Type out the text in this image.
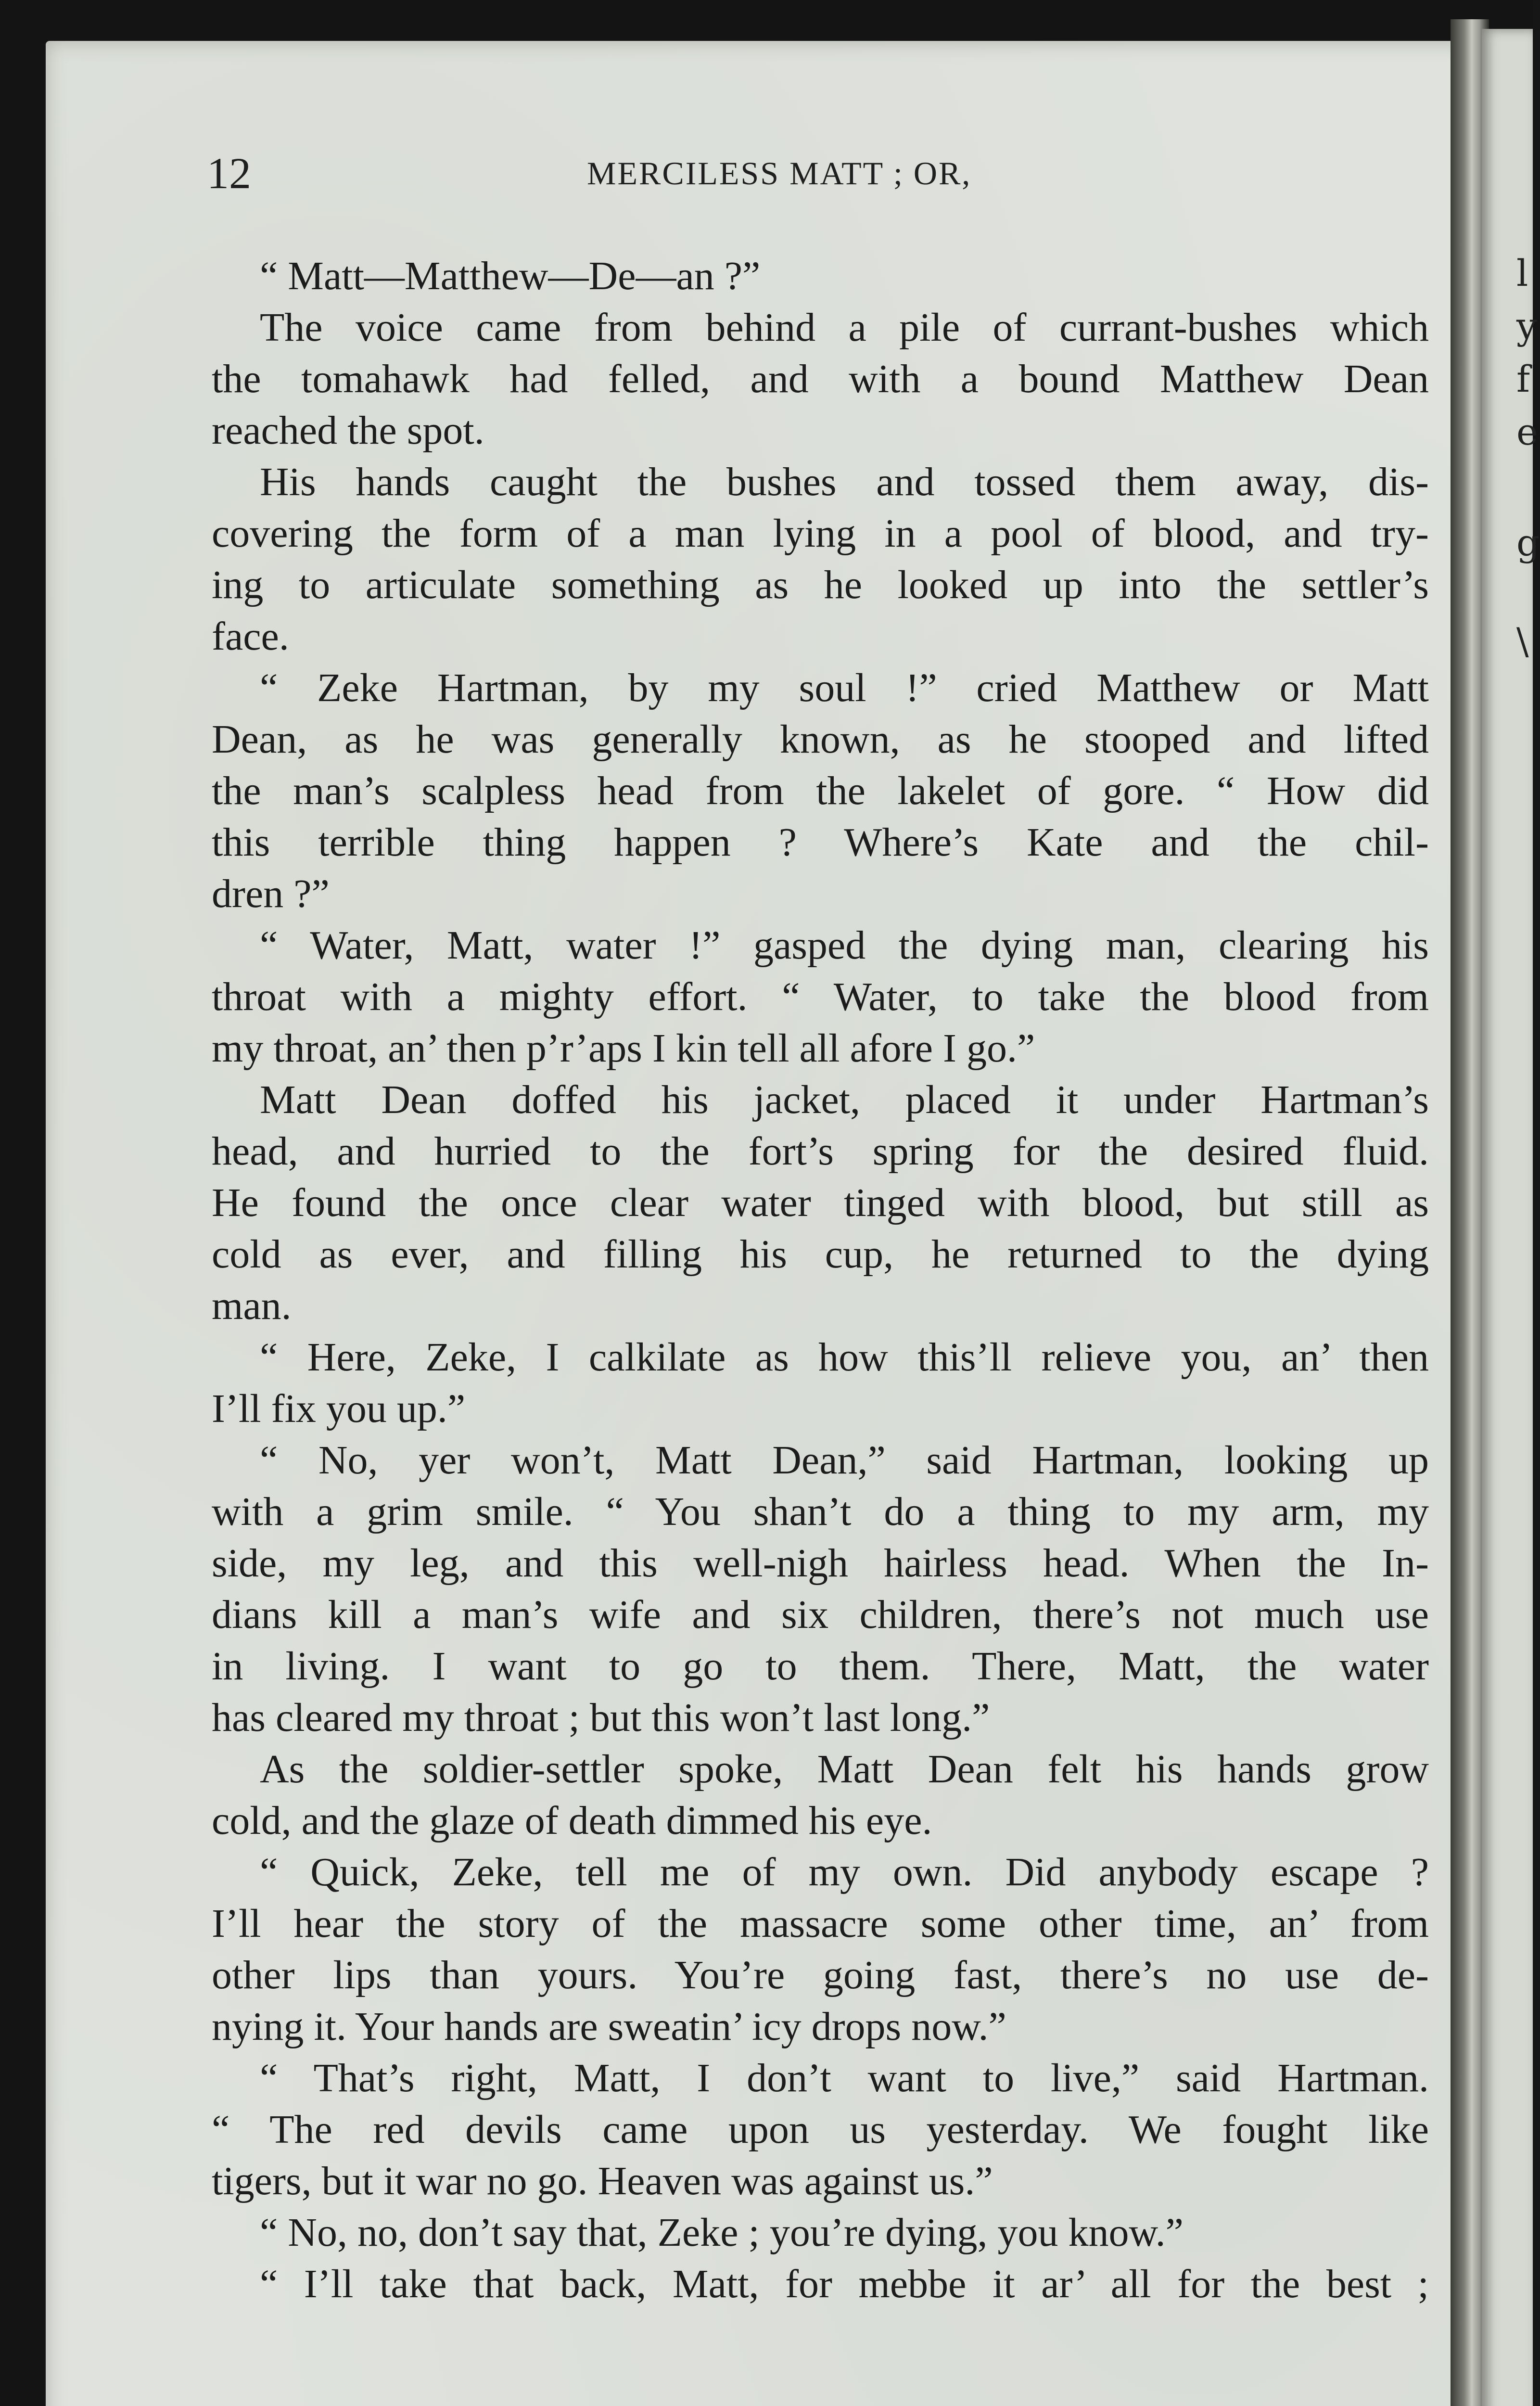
l
y
f
e
g
\
12	MERCILESS MATT ; OR,
“ Matt—Matthew—De—an ?”
The voice came from behind a pile of currant-bushes which
the tomahawk had felled, and with a bound Matthew Dean
reached the spot.
His hands caught the bushes and tossed them away, dis-
covering the form of a man lying in a pool of blood, and try-
ing to articulate something as he looked up into the settler’s
face.
“ Zeke Hartman, by my soul !” cried Matthew or Matt
Dean, as he was generally known, as he stooped and lifted
the man’s scalpless head from the lakelet of gore. “ How did
this terrible thing happen ? Where’s Kate and the chil-
dren ?”
“ Water, Matt, water !” gasped the dying man, clearing his
throat with a mighty effort. “ Water, to take the blood from
my throat, an’ then p’r’aps I kin tell all afore I go.”
Matt Dean doffed his jacket, placed it under Hartman’s
head, and hurried to the fort’s spring for the desired fluid.
He found the once clear water tinged with blood, but still as
cold as ever, and filling his cup, he returned to the dying
man.
“ Here, Zeke, I calkilate as how this’ll relieve you, an’ then
I’ll fix you up.”
“ No, yer won’t, Matt Dean,” said Hartman, looking up
with a grim smile. “ You shan’t do a thing to my arm, my
side, my leg, and this well-nigh hairless head. When the In-
dians kill a man’s wife and six children, there’s not much use
in living. I want to go to them. There, Matt, the water
has cleared my throat ; but this won’t last long.”
As the soldier-settler spoke, Matt Dean felt his hands grow
cold, and the glaze of death dimmed his eye.
“ Quick, Zeke, tell me of my own. Did anybody escape ?
I’ll hear the story of the massacre some other time, an’ from
other lips than yours. You’re going fast, there’s no use de-
nying it. Your hands are sweatin’ icy drops now.”
“ That’s right, Matt, I don’t want to live,” said Hartman.
“ The red devils came upon us yesterday. We fought like
tigers, but it war no go. Heaven was against us.”
“ No, no, don’t say that, Zeke ; you’re dying, you know.”
“ I’ll take that back, Matt, for mebbe it ar’ all for the best ;
